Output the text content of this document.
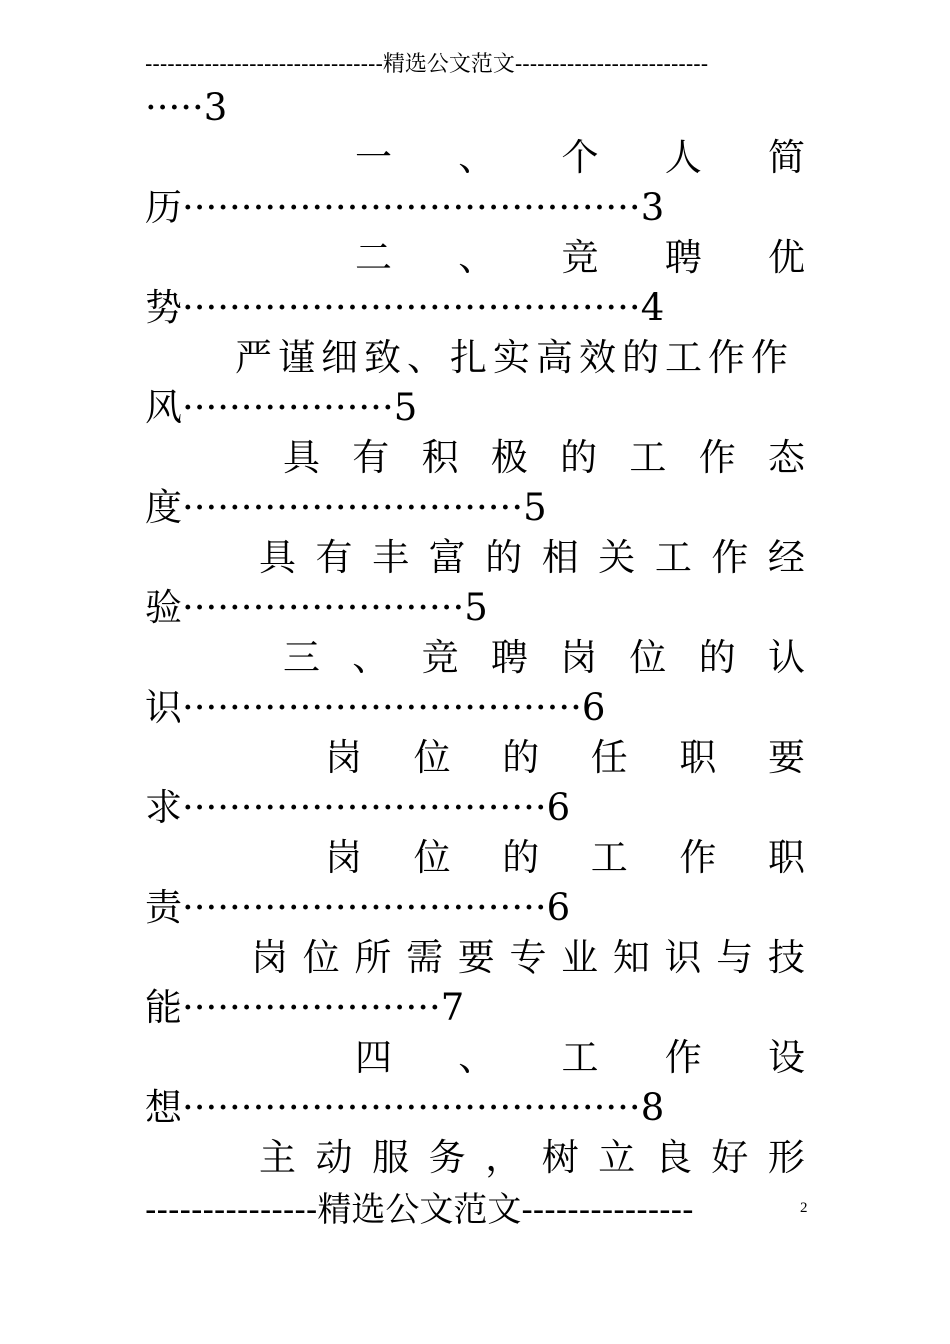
--------------------------------精选公文范文--------------------------
·····3
一 、 个 人 简
历·······································3
二 、 竞 聘 优
势·······································4
严谨细致、扎实高效的工作作
风··················5
具 有 积 极 的 工 作 态
度·····························5
具 有 丰 富 的 相 关 工 作 经
验························5
三 、 竞 聘 岗 位 的 认
识··································6
岗 位 的 任 职 要
求·······························6
岗 位 的 工 作 职
责·······························6
岗 位 所 需 要 专 业 知 识 与 技
能······················7
四 、 工 作 设
想·······································8
主 动 服 务 ， 树 立 良 好 形
---------------精选公文范文---------------	2
